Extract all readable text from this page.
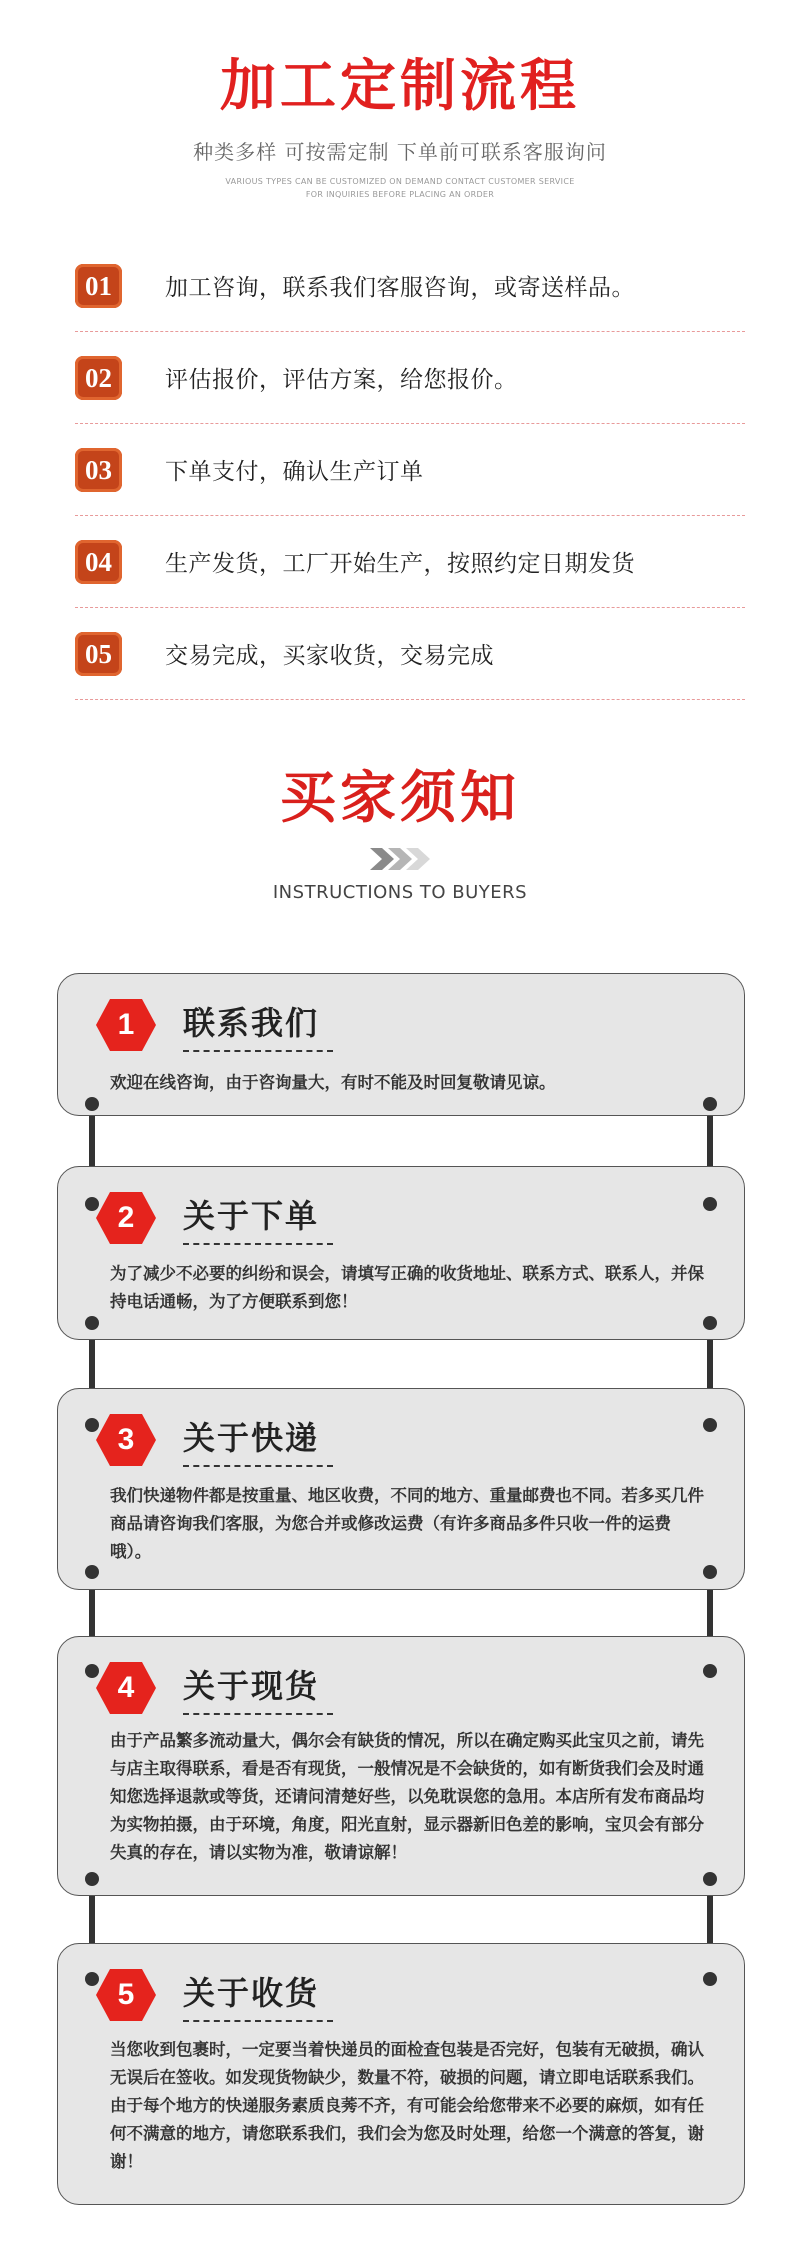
加工定制流程
种类多样 可按需定制 下单前可联系客服询问
VARIOUS TYPES CAN BE CUSTOMIZED ON DEMAND CONTACT CUSTOMER SERVICE
FOR INQUIRIES BEFORE PLACING AN ORDER
01 加工咨询，联系我们客服咨询，或寄送样品。
02 评估报价，评估方案，给您报价。
03 下单支付，确认生产订单
04 生产发货，工厂开始生产，按照约定日期发货
05 交易完成，买家收货，交易完成
买家须知
INSTRUCTIONS TO BUYERS
1	联系我们
欢迎在线咨询，由于咨询量大，有时不能及时回复敬请见谅。
2	关于下单
为了减少不必要的纠纷和误会，请填写正确的收货地址、联系方式、联系人，并保持电话通畅，为了方便联系到您！
3	关于快递
我们快递物件都是按重量、地区收费，不同的地方、重量邮费也不同。若多买几件商品请咨询我们客服，为您合并或修改运费（有许多商品多件只收一件的运费哦）。
4	关于现货
由于产品繁多流动量大，偶尔会有缺货的情况，所以在确定购买此宝贝之前，请先与店主取得联系，看是否有现货，一般情况是不会缺货的，如有断货我们会及时通知您选择退款或等货，还请问清楚好些，以免耽误您的急用。本店所有发布商品均为实物拍摄，由于环境，角度，阳光直射，显示器新旧色差的影响，宝贝会有部分失真的存在，请以实物为准，敬请谅解！
5	关于收货
当您收到包裹时，一定要当着快递员的面检查包装是否完好，包装有无破损，确认无误后在签收。如发现货物缺少，数量不符，破损的问题，请立即电话联系我们。由于每个地方的快递服务素质良莠不齐，有可能会给您带来不必要的麻烦，如有任何不满意的地方，请您联系我们，我们会为您及时处理，给您一个满意的答复，谢谢！
